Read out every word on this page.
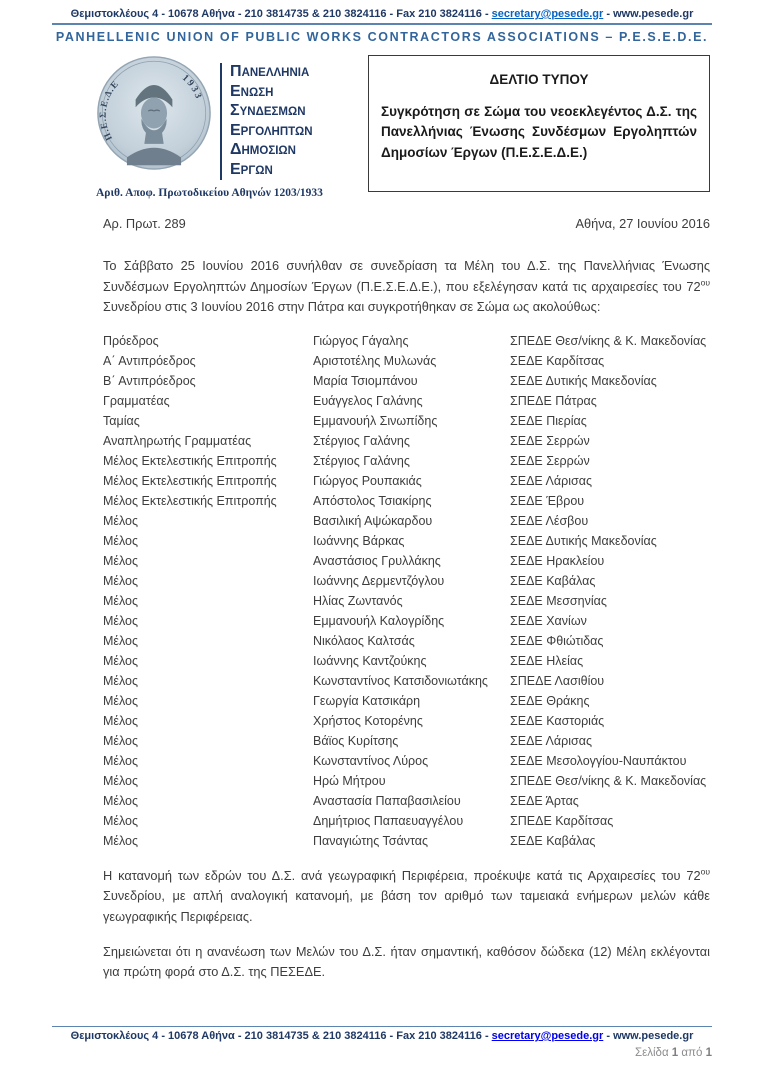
Θεμιστοκλέους 4 - 10678 Αθήνα - 210 3814735 & 210 3824116 - Fax 210 3824116 - secretary@pesede.gr - www.pesede.gr
PANHELLENIC UNION OF PUBLIC WORKS CONTRACTORS ASSOCIATIONS – P.E.S.E.D.E.
Π.Ε.Σ.Ε.Δ.Ε	1933
ΠΑΝΕΛΛΗΝΙΑ
ΕΝΩΣΗ
ΣΥΝΔΕΣΜΩΝ
ΕΡΓΟΛΗΠΤΩΝ
ΔΗΜΟΣΙΩΝ
ΕΡΓΩΝ
Αριθ. Αποφ. Πρωτοδικείου Αθηνών 1203/1933
ΔΕΛΤΙΟ ΤΥΠΟΥ
Συγκρότηση σε Σώμα του νεοεκλεγέντος Δ.Σ. της Πανελλήνιας Ένωσης Συνδέσμων Εργοληπτών Δημοσίων Έργων (Π.Ε.Σ.Ε.Δ.Ε.)
Αρ. Πρωτ. 289	Αθήνα, 27 Ιουνίου 2016

Το Σάββατο 25 Ιουνίου 2016 συνήλθαν σε συνεδρίαση τα Μέλη του Δ.Σ. της Πανελλήνιας Ένωσης Συνδέσμων Εργοληπτών Δημοσίων Έργων (Π.Ε.Σ.Ε.Δ.Ε.), που εξελέγησαν κατά τις αρχαιρεσίες του $72^{o\upsilon}$ Συνεδρίου στις 3 Ιουνίου 2016 στην Πάτρα και συγκροτήθηκαν σε Σώμα ως ακολούθως:

Πρόεδρος	Γιώργος Γάγαλης	ΣΠΕΔΕ Θεσ/νίκης & Κ. Μακεδονίας
Α΄ Αντιπρόεδρος	Αριστοτέλης Μυλωνάς	ΣΕΔΕ Καρδίτσας
Β΄ Αντιπρόεδρος	Μαρία Τσιομπάνου	ΣΕΔΕ Δυτικής Μακεδονίας
Γραμματέας	Ευάγγελος Γαλάνης	ΣΠΕΔΕ Πάτρας
Ταμίας	Εμμανουήλ Σινωπίδης	ΣΕΔΕ Πιερίας
Αναπληρωτής Γραμματέας	Στέργιος Γαλάνης	ΣΕΔΕ Σερρών
Μέλος Εκτελεστικής Επιτροπής	Στέργιος Γαλάνης	ΣΕΔΕ Σερρών
Μέλος Εκτελεστικής Επιτροπής	Γιώργος Ρουπακιάς	ΣΕΔΕ Λάρισας
Μέλος Εκτελεστικής Επιτροπής	Απόστολος Τσιακίρης	ΣΕΔΕ Έβρου
Μέλος	Βασιλική Αψώκαρδου	ΣΕΔΕ Λέσβου
Μέλος	Ιωάννης Βάρκας	ΣΕΔΕ Δυτικής Μακεδονίας
Μέλος	Αναστάσιος Γρυλλάκης	ΣΕΔΕ Ηρακλείου
Μέλος	Ιωάννης Δερμεντζόγλου	ΣΕΔΕ Καβάλας
Μέλος	Ηλίας Ζωντανός	ΣΕΔΕ Μεσσηνίας
Μέλος	Εμμανουήλ Καλογρίδης	ΣΕΔΕ Χανίων
Μέλος	Νικόλαος Καλτσάς	ΣΕΔΕ Φθιώτιδας
Μέλος	Ιωάννης Καντζούκης	ΣΕΔΕ Ηλείας
Μέλος	Κωνσταντίνος Κατσιδονιωτάκης	ΣΠΕΔΕ Λασιθίου
Μέλος	Γεωργία Κατσικάρη	ΣΕΔΕ Θράκης
Μέλος	Χρήστος Κοτορένης	ΣΕΔΕ Καστοριάς
Μέλος	Βάϊος Κυρίτσης	ΣΕΔΕ Λάρισας
Μέλος	Κωνσταντίνος Λύρος	ΣΕΔΕ Μεσολογγίου-Ναυπάκτου
Μέλος	Ηρώ Μήτρου	ΣΠΕΔΕ Θεσ/νίκης & Κ. Μακεδονίας
Μέλος	Αναστασία Παπαβασιλείου	ΣΕΔΕ Άρτας
Μέλος	Δημήτριος Παπαευαγγέλου	ΣΠΕΔΕ Καρδίτσας
Μέλος	Παναγιώτης Τσάντας	ΣΕΔΕ Καβάλας

Η κατανομή των εδρών του Δ.Σ. ανά γεωγραφική Περιφέρεια, προέκυψε κατά τις Αρχαιρεσίες του $72^{o\upsilon}$ Συνεδρίου, με απλή αναλογική κατανομή, με βάση τον αριθμό των ταμειακά ενήμερων μελών κάθε γεωγραφικής Περιφέρειας.

Σημειώνεται ότι η ανανέωση των Μελών του Δ.Σ. ήταν σημαντική, καθόσον δώδεκα (12) Μέλη εκλέγονται για πρώτη φορά στο Δ.Σ. της ΠΕΣΕΔΕ.

Θεμιστοκλέους 4 - 10678 Αθήνα - 210 3814735 & 210 3824116 - Fax 210 3824116 - secretary@pesede.gr - www.pesede.gr
Σελίδα 1 από 1
